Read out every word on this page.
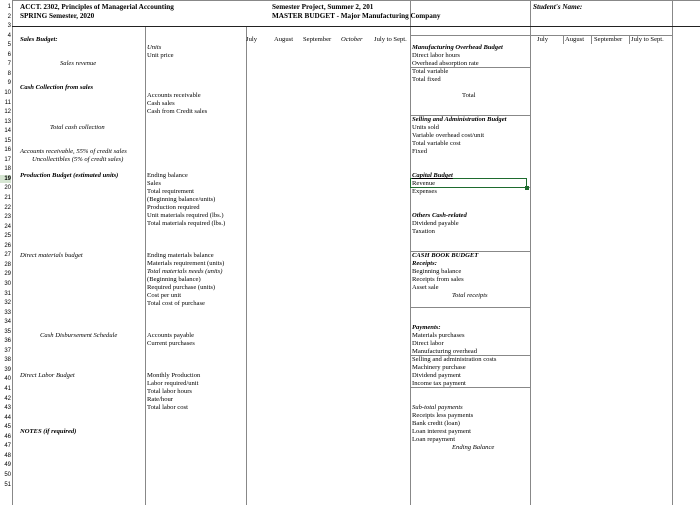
1
2
3
4
5
6
7
8
9
10
11
12
13
14
15
16
17
18
19
20
21
22
23
24
25
26
27
28
29
30
31
32
33
34
35
36
37
38
39
40
41
42
43
44
45
46
47
48
49
50
51
ACCT. 2302, Principles of Managerial Accounting
SPRING Semester, 2020
Semester Project, Summer 2, 201
MASTER BUDGET - Major Manufacturing Company
Student's Name:
July	August September October July to Sept.	July	August September July to Sept.
Sales Budget:
Sales revenue
Cash Collection from sales
Total cash collection
Accounts receivable, 55% of credit sales
Uncollectibles (5% of credit sales)
Production Budget (estimated units)
Direct materials budget
Cash Disbursement Schedule
Direct Labor Budget
NOTES (if required)
Units
Unit price
Accounts receivable
Cash sales
Cash from Credit sales
Ending balance
Sales
Total requirement
(Beginning balance/units)
Production required
Unit materials required (lbs.)
Total materials required (lbs.)
Ending materials balance
Materials requirement (units)
Total materials needs (units)
(Beginning balance)
Required purchase (units)
Cost per unit
Total cost of purchase
Accounts payable
Current purchases
Monthly Production
Labor required/unit
Total labor hours
Rate/hour
Total labor cost
Manufacturing Overhead Budget
Direct labor hours
Overhead absorption rate
Total variable
Total fixed
Total
Selling and Administration Budget
Units sold
Variable overhead cost/unit
Total variable cost
Fixed
Capital Budget
Revenue
Expenses
Others Cash-related
Dividend payable
Taxation
CASH BOOK BUDGET
Receipts:
Beginning balance
Receipts from sales
Asset sale
Total receipts
Payments:
Materials purchases
Direct labor
Manufacturing overhead
Selling and administration costs
Machinery purchase
Dividend payment
Income tax payment
Sub-total payments
Receipts less payments
Bank credit (loan)
Loan interest payment
Loan repayment
Ending Balance
